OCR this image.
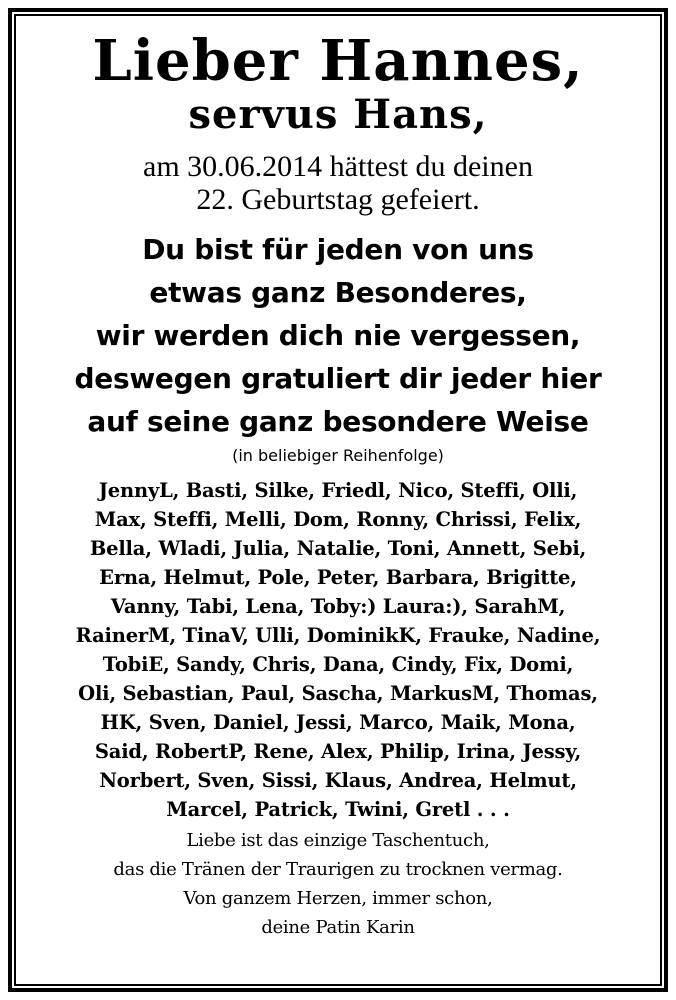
Lieber Hannes,
servus Hans,
am 30.06.2014 hättest du deinen
22. Geburtstag gefeiert.
Du bist für jeden von uns
etwas ganz Besonderes,
wir werden dich nie vergessen,
deswegen gratuliert dir jeder hier
auf seine ganz besondere Weise
(in beliebiger Reihenfolge)
JennyL, Basti, Silke, Friedl, Nico, Steffi, Olli,
Max, Steffi, Melli, Dom, Ronny, Chrissi, Felix,
Bella, Wladi, Julia, Natalie, Toni, Annett, Sebi,
Erna, Helmut, Pole, Peter, Barbara, Brigitte,
Vanny, Tabi, Lena, Toby:) Laura:), SarahM,
RainerM, TinaV, Ulli, DominikK, Frauke, Nadine,
TobiE, Sandy, Chris, Dana, Cindy, Fix, Domi,
Oli, Sebastian, Paul, Sascha, MarkusM, Thomas,
HK, Sven, Daniel, Jessi, Marco, Maik, Mona,
Said, RobertP, Rene, Alex, Philip, Irina, Jessy,
Norbert, Sven, Sissi, Klaus, Andrea, Helmut,
Marcel, Patrick, Twini, Gretl . . .
Liebe ist das einzige Taschentuch,
das die Tränen der Traurigen zu trocknen vermag.
Von ganzem Herzen, immer schon,
deine Patin Karin
